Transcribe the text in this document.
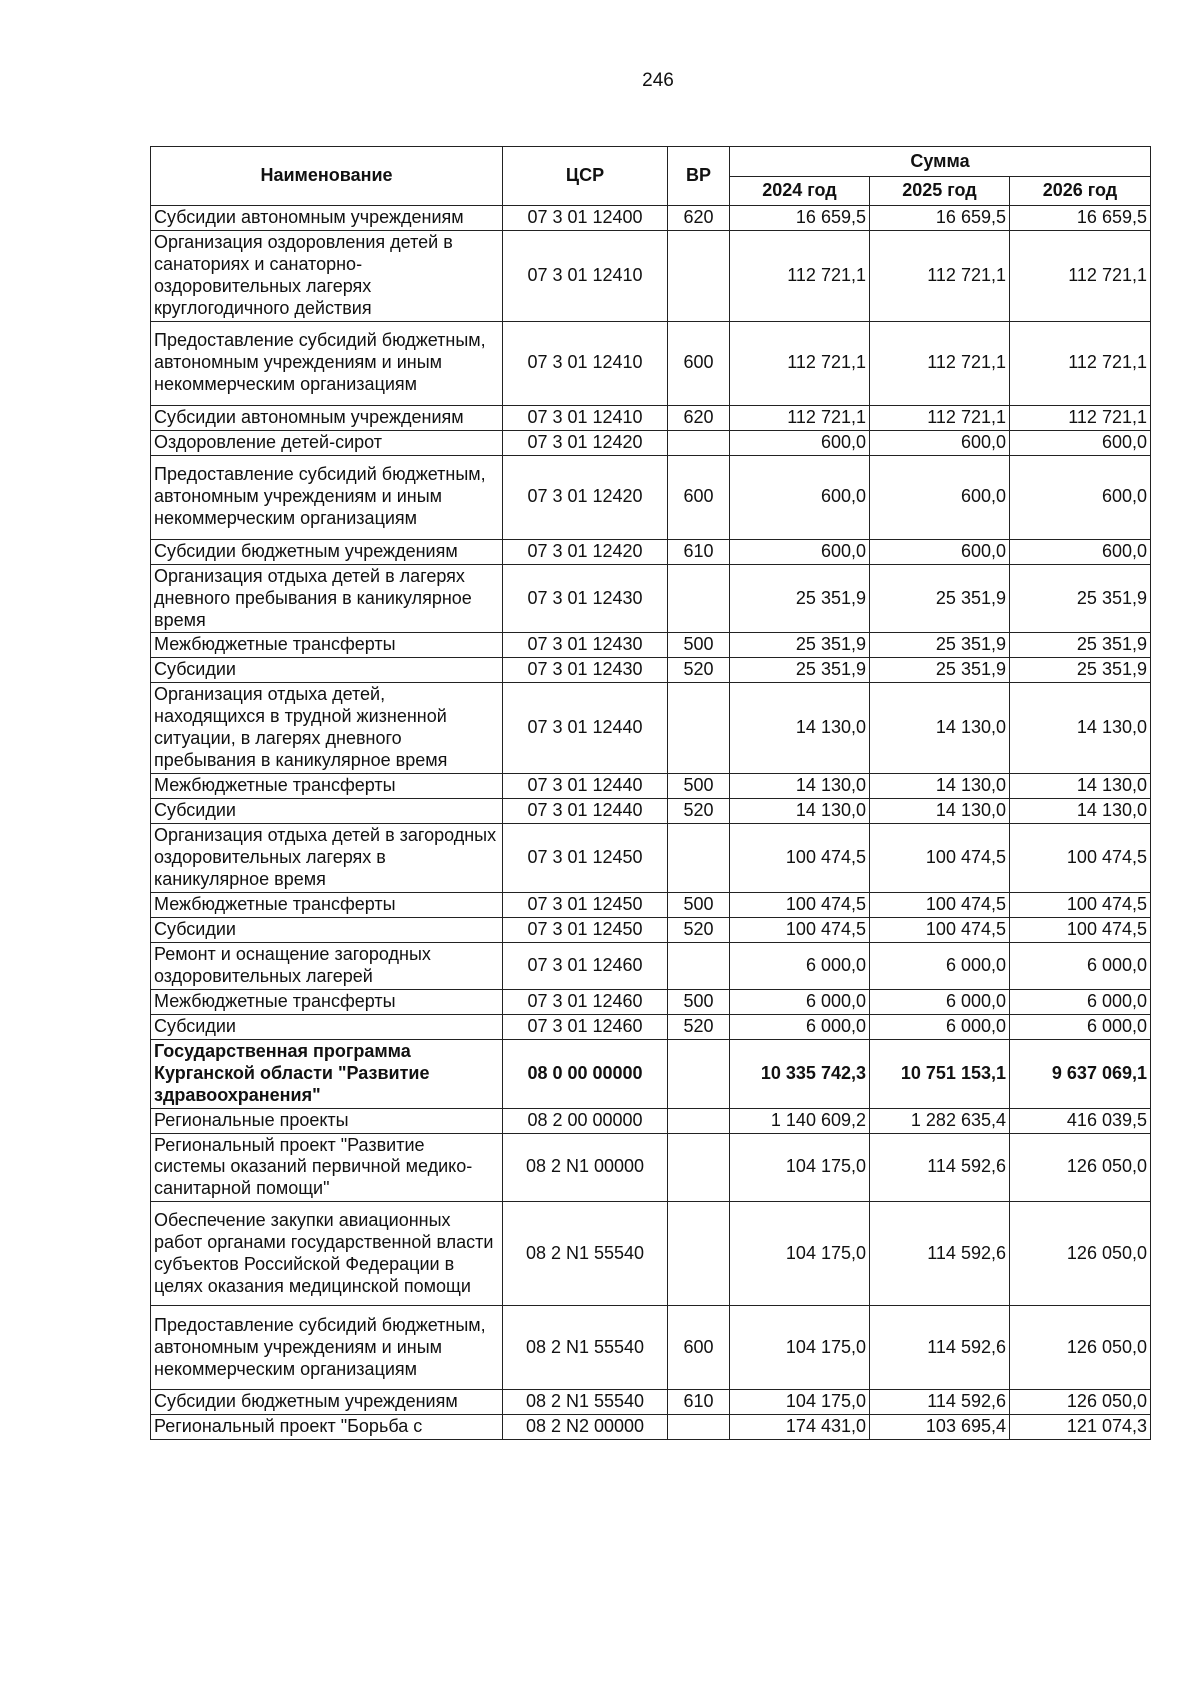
246
Наименование	ЦСР	ВР	Сумма		
			2024 год	2025 год	2026 год
Субсидии автономным учреждениям	07 3 01 12400	620	16 659,5	16 659,5	16 659,5
Организация оздоровления детей в санаториях и санаторно-оздоровительных лагерях круглогодичного действия	07 3 01 12410		112 721,1	112 721,1	112 721,1
Предоставление субсидий бюджетным, автономным учреждениям и иным некоммерческим организациям	07 3 01 12410	600	112 721,1	112 721,1	112 721,1
Субсидии автономным учреждениям	07 3 01 12410	620	112 721,1	112 721,1	112 721,1
Оздоровление детей-сирот	07 3 01 12420		600,0	600,0	600,0
Предоставление субсидий бюджетным, автономным учреждениям и иным некоммерческим организациям	07 3 01 12420	600	600,0	600,0	600,0
Субсидии бюджетным учреждениям	07 3 01 12420	610	600,0	600,0	600,0
Организация отдыха детей в лагерях дневного пребывания в каникулярное время	07 3 01 12430		25 351,9	25 351,9	25 351,9
Межбюджетные трансферты	07 3 01 12430	500	25 351,9	25 351,9	25 351,9
Субсидии	07 3 01 12430	520	25 351,9	25 351,9	25 351,9
Организация отдыха детей, находящихся в трудной жизненной ситуации, в лагерях дневного пребывания в каникулярное время	07 3 01 12440		14 130,0	14 130,0	14 130,0
Межбюджетные трансферты	07 3 01 12440	500	14 130,0	14 130,0	14 130,0
Субсидии	07 3 01 12440	520	14 130,0	14 130,0	14 130,0
Организация отдыха детей в загородных оздоровительных лагерях в каникулярное время	07 3 01 12450		100 474,5	100 474,5	100 474,5
Межбюджетные трансферты	07 3 01 12450	500	100 474,5	100 474,5	100 474,5
Субсидии	07 3 01 12450	520	100 474,5	100 474,5	100 474,5
Ремонт и оснащение загородных оздоровительных лагерей	07 3 01 12460		6 000,0	6 000,0	6 000,0
Межбюджетные трансферты	07 3 01 12460	500	6 000,0	6 000,0	6 000,0
Субсидии	07 3 01 12460	520	6 000,0	6 000,0	6 000,0
Государственная программа Курганской области "Развитие здравоохранения"	08 0 00 00000		10 335 742,3	10 751 153,1	9 637 069,1
Региональные проекты	08 2 00 00000		1 140 609,2	1 282 635,4	416 039,5
Региональный проект "Развитие системы оказаний первичной медико-санитарной помощи"	08 2 N1 00000		104 175,0	114 592,6	126 050,0
Обеспечение закупки авиационных работ органами государственной власти субъектов Российской Федерации в целях оказания медицинской помощи	08 2 N1 55540		104 175,0	114 592,6	126 050,0
Предоставление субсидий бюджетным, автономным учреждениям и иным некоммерческим организациям	08 2 N1 55540	600	104 175,0	114 592,6	126 050,0
Субсидии бюджетным учреждениям	08 2 N1 55540	610	104 175,0	114 592,6	126 050,0
Региональный проект "Борьба с	08 2 N2 00000		174 431,0	103 695,4	121 074,3
